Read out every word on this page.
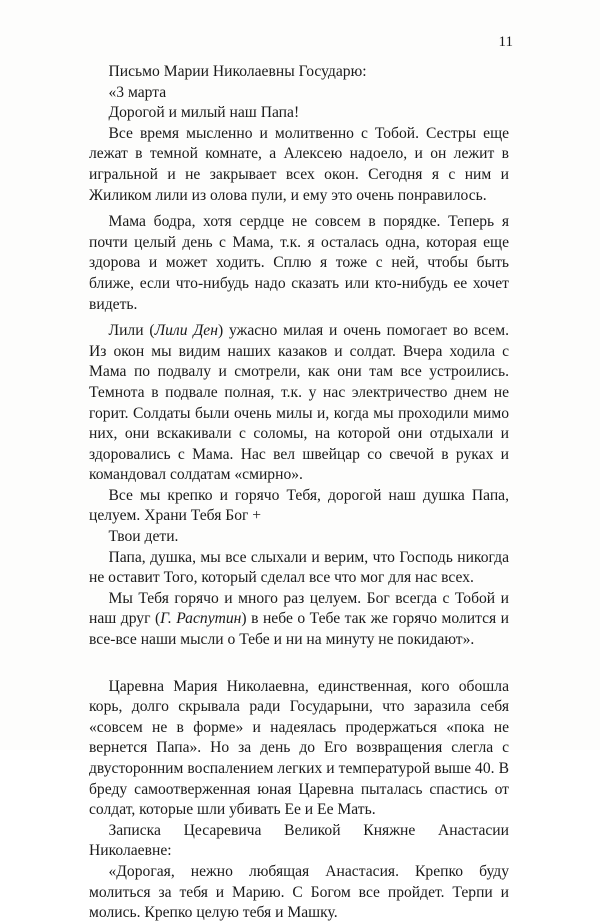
11

Письмо Марии Николаевны Государю:

«3 марта

Дорогой и милый наш Папа!

Все время мысленно и молитвенно с Тобой. Сестры еще лежат в темной комнате, а Алексею надоело, и он лежит в игральной и не закрывает всех окон. Сегодня я с ним и Жиликом лили из олова пули, и ему это очень понравилось.

Мама бодра, хотя сердце не совсем в порядке. Теперь я почти целый день с Мама, т.к. я осталась одна, которая еще здорова и может ходить. Сплю я тоже с ней, чтобы быть ближе, если что-нибудь надо сказать или кто-нибудь ее хочет видеть.

Лили (Лили Ден) ужасно милая и очень помогает во всем. Из окон мы видим наших казаков и солдат. Вчера ходила с Мама по подвалу и смотрели, как они там все устроились. Темнота в подвале полная, т.к. у нас электричество днем не горит. Солдаты были очень милы и, когда мы проходили мимо них, они вскакивали с соломы, на которой они отдыхали и здоровались с Мама. Нас вел швейцар со свечой в руках и командовал солдатам «смирно».

Все мы крепко и горячо Тебя, дорогой наш душка Папа, целуем. Храни Тебя Бог +

Твои дети.

Папа, душка, мы все слыхали и верим, что Господь никогда не оставит Того, который сделал все что мог для нас всех.

Мы Тебя горячо и много раз целуем. Бог всегда с Тобой и наш друг (Г. Распутин) в небе о Тебе так же горячо молится и все-все наши мысли о Тебе и ни на минуту не покидают».

Царевна Мария Николаевна, единственная, кого обошла корь, долго скрывала ради Государыни, что заразила себя «совсем не в форме» и надеялась продержаться «пока не вернется Папа». Но за день до Его возвращения слегла с двусторонним воспалением легких и температурой выше 40. В бреду самоотверженная юная Царевна пыталась спастись от солдат, которые шли убивать Ее и Ее Мать.

Записка Цесаревича Великой Княжне Анастасии Николаевне:

«Дорогая, нежно любящая Анастасия. Крепко буду молиться за тебя и Марию. С Богом все пройдет. Терпи и молись. Крепко целую тебя и Машку.
